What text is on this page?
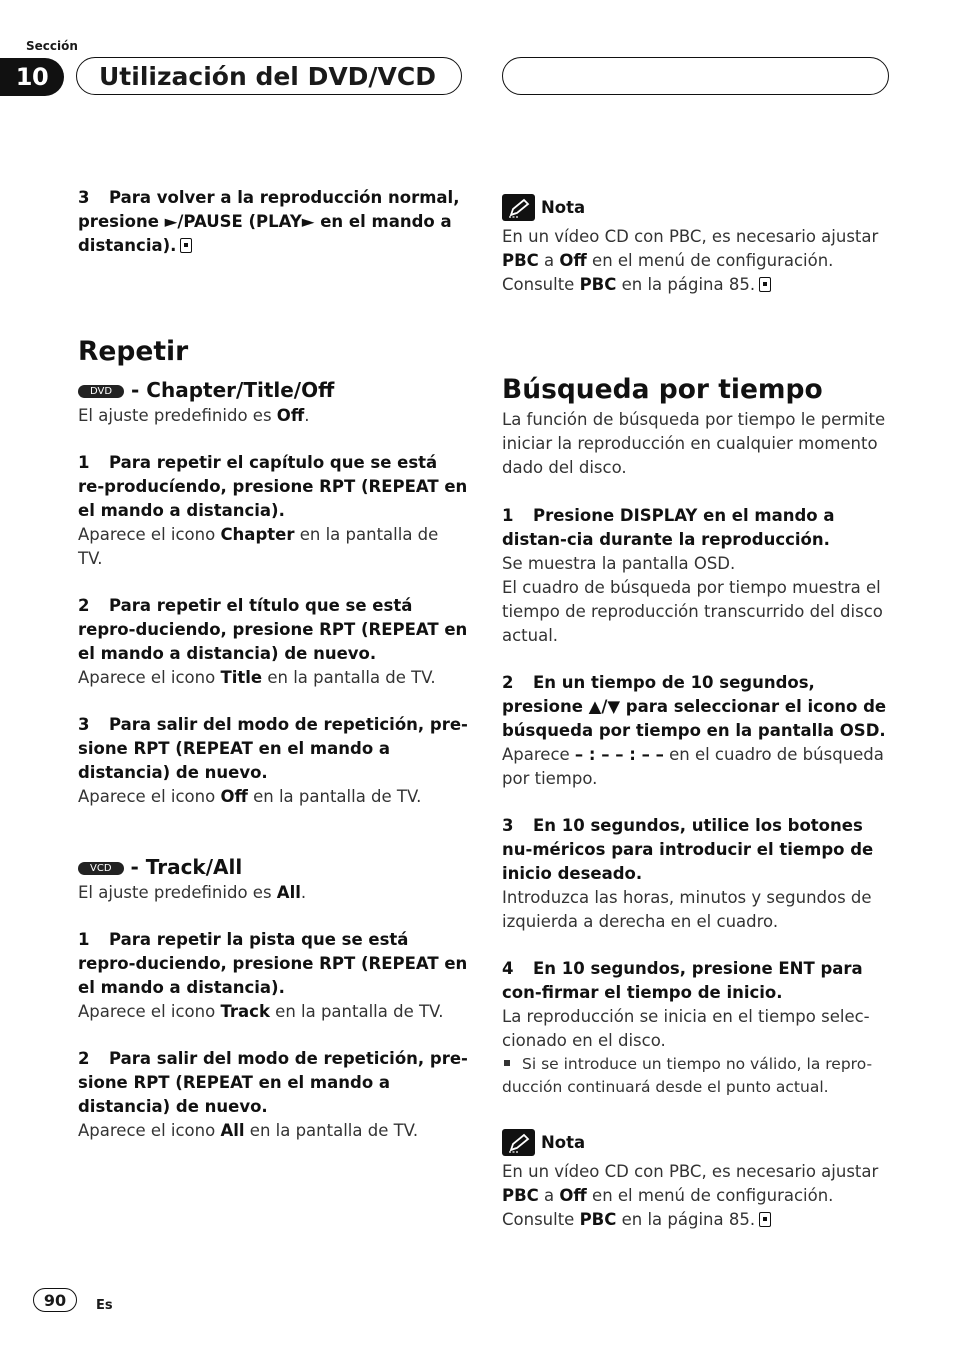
Sección
10	Utilización del DVD/VCD

3 Para volver a la reproducción normal, presione ►/PAUSE (PLAY► en el mando a distancia).

Repetir
DVD - Chapter/Title/Off

El ajuste predefinido es Off.

1 Para repetir el capítulo que se está re-producíendo, presione RPT (REPEAT en el mando a distancia).

Aparece el icono Chapter en la pantalla de TV.

2 Para repetir el título que se está repro-duciendo, presione RPT (REPEAT en el mando a distancia) de nuevo.

Aparece el icono Title en la pantalla de TV.

3 Para salir del modo de repetición, pre-sione RPT (REPEAT en el mando a distancia) de nuevo.

Aparece el icono Off en la pantalla de TV.

VCD - Track/All

El ajuste predefinido es All.

1 Para repetir la pista que se está repro-duciendo, presione RPT (REPEAT en el mando a distancia).

Aparece el icono Track en la pantalla de TV.

2 Para salir del modo de repetición, pre-sione RPT (REPEAT en el mando a distancia) de nuevo.

Aparece el icono All en la pantalla de TV.

Nota

En un vídeo CD con PBC, es necesario ajustar PBC a Off en el menú de configuración. Consulte PBC en la página 85.

Búsqueda por tiempo

La función de búsqueda por tiempo le permite iniciar la reproducción en cualquier momento dado del disco.

1 Presione DISPLAY en el mando a distan-cia durante la reproducción.

Se muestra la pantalla OSD.

El cuadro de búsqueda por tiempo muestra el tiempo de reproducción transcurrido del disco actual.

2 En un tiempo de 10 segundos, presione ▲/▼ para seleccionar el icono de búsqueda por tiempo en la pantalla OSD.

Aparece – : – – : – – en el cuadro de búsqueda por tiempo.

3 En 10 segundos, utilice los botones nu-méricos para introducir el tiempo de inicio deseado.

Introduzca las horas, minutos y segundos de izquierda a derecha en el cuadro.

4 En 10 segundos, presione ENT para con-firmar el tiempo de inicio.

La reproducción se inicia en el tiempo selec-cionado en el disco.

Si se introduce un tiempo no válido, la repro-ducción continuará desde el punto actual.

Nota

En un vídeo CD con PBC, es necesario ajustar PBC a Off en el menú de configuración. Consulte PBC en la página 85.

90	Es
